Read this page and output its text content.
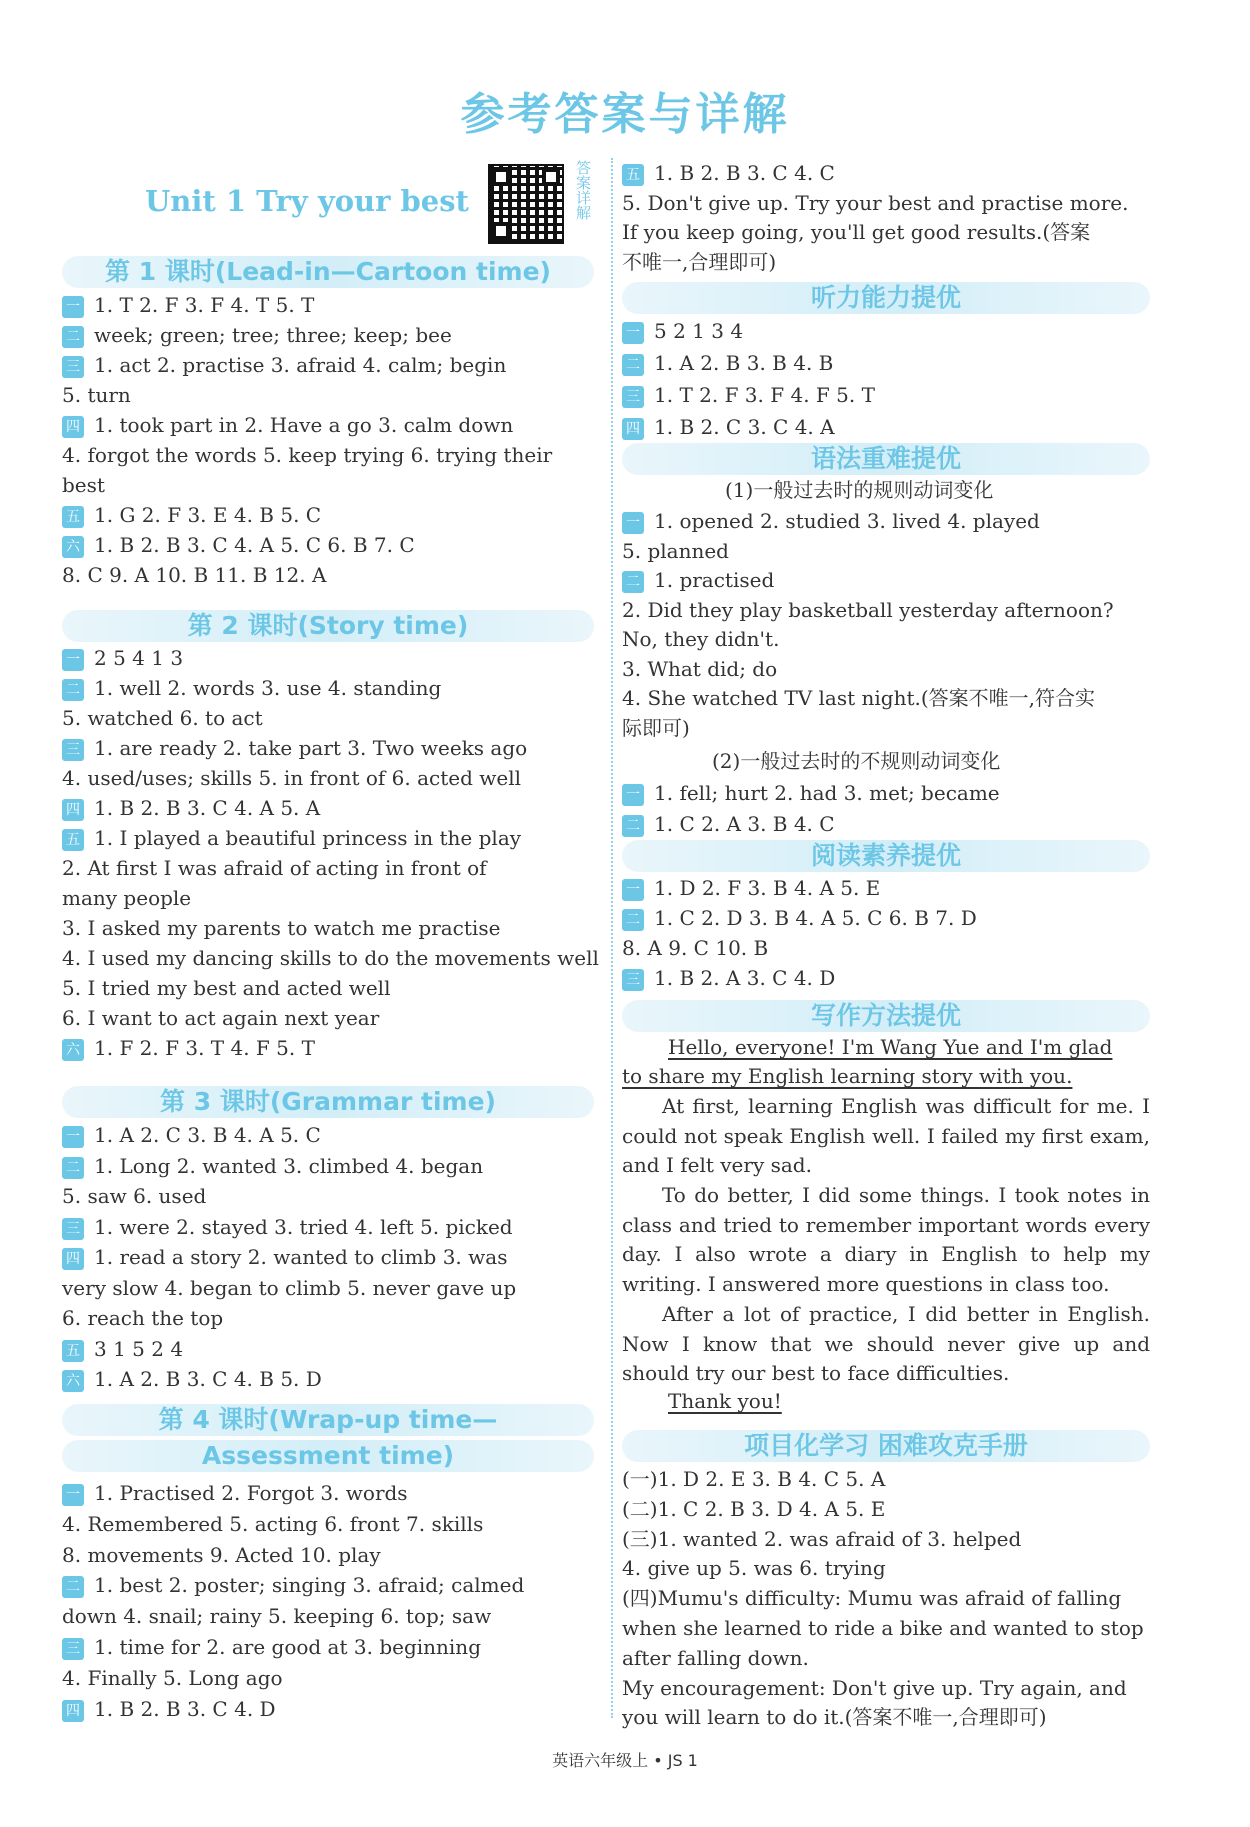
参考答案与详解
Unit 1 Try your best	答案详解
英语六年级上 • JS 1
第 1 课时(Lead-in—Cartoon time)
一 1. T 2. F 3. F 4. T 5. T
二 week; green; tree; three; keep; bee
三 1. act 2. practise 3. afraid 4. calm; begin
5. turn
四 1. took part in 2. Have a go 3. calm down
4. forgot the words 5. keep trying 6. trying their
best
五 1. G 2. F 3. E 4. B 5. C
六 1. B 2. B 3. C 4. A 5. C 6. B 7. C
8. C 9. A 10. B 11. B 12. A
第 2 课时(Story time)
一 2 5 4 1 3
二 1. well 2. words 3. use 4. standing
5. watched 6. to act
三 1. are ready 2. take part 3. Two weeks ago
4. used/uses; skills 5. in front of 6. acted well
四 1. B 2. B 3. C 4. A 5. A
五 1. I played a beautiful princess in the play
2. At first I was afraid of acting in front of
many people
3. I asked my parents to watch me practise
4. I used my dancing skills to do the movements well
5. I tried my best and acted well
6. I want to act again next year
六 1. F 2. F 3. T 4. F 5. T
第 3 课时(Grammar time)
一 1. A 2. C 3. B 4. A 5. C
二 1. Long 2. wanted 3. climbed 4. began
5. saw 6. used
三 1. were 2. stayed 3. tried 4. left 5. picked
四 1. read a story 2. wanted to climb 3. was
very slow 4. began to climb 5. never gave up
6. reach the top
五 3 1 5 2 4
六 1. A 2. B 3. C 4. B 5. D
第 4 课时(Wrap-up time—
Assessment time)
一 1. Practised 2. Forgot 3. words
4. Remembered 5. acting 6. front 7. skills
8. movements 9. Acted 10. play
二 1. best 2. poster; singing 3. afraid; calmed
down 4. snail; rainy 5. keeping 6. top; saw
三 1. time for 2. are good at 3. beginning
4. Finally 5. Long ago
四 1. B 2. B 3. C 4. D
五 1. B 2. B 3. C 4. C
5. Don't give up. Try your best and practise more.
If you keep going, you'll get good results.(答案
不唯一,合理即可)
听力能力提优
一 5 2 1 3 4
二 1. A 2. B 3. B 4. B
三 1. T 2. F 3. F 4. F 5. T
四 1. B 2. C 3. C 4. A
语法重难提优
(1)一般过去时的规则动词变化
一 1. opened 2. studied 3. lived 4. played
5. planned
二 1. practised
2. Did they play basketball yesterday afternoon?
No, they didn't.
3. What did; do
4. She watched TV last night.(答案不唯一,符合实
际即可)
(2)一般过去时的不规则动词变化
一 1. fell; hurt 2. had 3. met; became
二 1. C 2. A 3. B 4. C
阅读素养提优
一 1. D 2. F 3. B 4. A 5. E
二 1. C 2. D 3. B 4. A 5. C 6. B 7. D
8. A 9. C 10. B
三 1. B 2. A 3. C 4. D
写作方法提优
Hello, everyone! I'm Wang Yue and I'm glad
to share my English learning story with you.
At first, learning English was difficult for me. I could not speak English well. I failed my first exam, and I felt very sad.
To do better, I did some things. I took notes in class and tried to remember important words every day. I also wrote a diary in English to help my writing. I answered more questions in class too.
After a lot of practice, I did better in English. Now I know that we should never give up and should try our best to face difficulties.
Thank you!
项目化学习 困难攻克手册
(一)1. D 2. E 3. B 4. C 5. A
(二)1. C 2. B 3. D 4. A 5. E
(三)1. wanted 2. was afraid of 3. helped
4. give up 5. was 6. trying
(四)Mumu's difficulty: Mumu was afraid of falling
when she learned to ride a bike and wanted to stop
after falling down.
My encouragement: Don't give up. Try again, and
you will learn to do it.(答案不唯一,合理即可)
